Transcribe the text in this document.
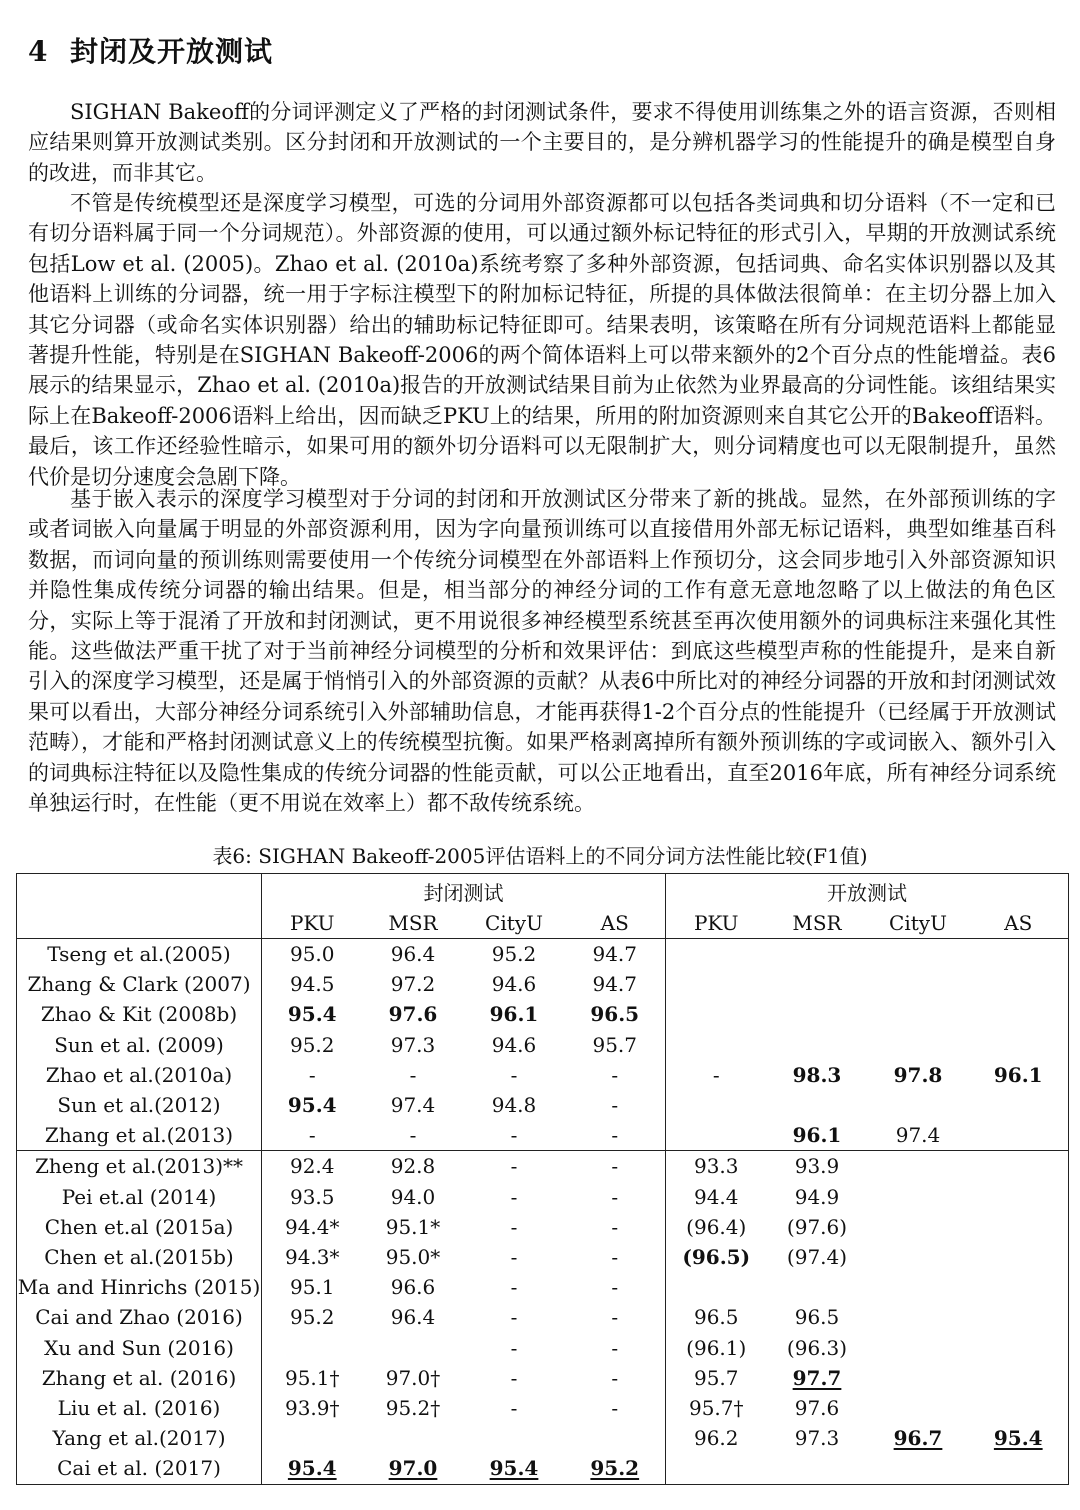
4 封闭及开放测试

SIGHAN Bakeoff的分词评测定义了严格的封闭测试条件，要求不得使用训练集之外的语言资源，否则相应结果则算开放测试类别。区分封闭和开放测试的一个主要目的，是分辨机器学习的性能提升的确是模型自身的改进，而非其它。

不管是传统模型还是深度学习模型，可选的分词用外部资源都可以包括各类词典和切分语料（不一定和已有切分语料属于同一个分词规范）。外部资源的使用，可以通过额外标记特征的形式引入，早期的开放测试系统包括Low et al. (2005)。Zhao et al. (2010a)系统考察了多种外部资源，包括词典、命名实体识别器以及其他语料上训练的分词器，统一用于字标注模型下的附加标记特征，所提的具体做法很简单：在主切分器上加入其它分词器（或命名实体识别器）给出的辅助标记特征即可。结果表明，该策略在所有分词规范语料上都能显著提升性能，特别是在SIGHAN Bakeoff-2006的两个简体语料上可以带来额外的2个百分点的性能增益。表6展示的结果显示，Zhao et al. (2010a)报告的开放测试结果目前为止依然为业界最高的分词性能。该组结果实际上在Bakeoff-2006语料上给出，因而缺乏PKU上的结果，所用的附加资源则来自其它公开的Bakeoff语料。最后，该工作还经验性暗示，如果可用的额外切分语料可以无限制扩大，则分词精度也可以无限制提升，虽然代价是切分速度会急剧下降。

基于嵌入表示的深度学习模型对于分词的封闭和开放测试区分带来了新的挑战。显然，在外部预训练的字或者词嵌入向量属于明显的外部资源利用，因为字向量预训练可以直接借用外部无标记语料，典型如维基百科数据，而词向量的预训练则需要使用一个传统分词模型在外部语料上作预切分，这会同步地引入外部资源知识并隐性集成传统分词器的输出结果。但是，相当部分的神经分词的工作有意无意地忽略了以上做法的角色区分，实际上等于混淆了开放和封闭测试，更不用说很多神经模型系统甚至再次使用额外的词典标注来强化其性能。这些做法严重干扰了对于当前神经分词模型的分析和效果评估：到底这些模型声称的性能提升，是来自新引入的深度学习模型，还是属于悄悄引入的外部资源的贡献？从表6中所比对的神经分词器的开放和封闭测试效果可以看出，大部分神经分词系统引入外部辅助信息，才能再获得1-2个百分点的性能提升（已经属于开放测试范畴），才能和严格封闭测试意义上的传统模型抗衡。如果严格剥离掉所有额外预训练的字或词嵌入、额外引入的词典标注特征以及隐性集成的传统分词器的性能贡献，可以公正地看出，直至2016年底，所有神经分词系统单独运行时，在性能（更不用说在效率上）都不敌传统系统。

表6: SIGHAN Bakeoff-2005评估语料上的不同分词方法性能比较(F1值)
	封闭测试				开放测试			
	PKU	MSR	CityU	AS	PKU	MSR	CityU	AS
Tseng et al.(2005)	95.0	96.4	95.2	94.7				
Zhang & Clark (2007)	94.5	97.2	94.6	94.7				
Zhao & Kit (2008b)	95.4	97.6	96.1	96.5				
Sun et al. (2009)	95.2	97.3	94.6	95.7				
Zhao et al.(2010a)	-	-	-	-	-	98.3	97.8	96.1
Sun et al.(2012)	95.4	97.4	94.8	-				
Zhang et al.(2013)	-	-	-	-		96.1	97.4	
Zheng et al.(2013)**	92.4	92.8	-	-	93.3	93.9		
Pei et.al (2014)	93.5	94.0	-	-	94.4	94.9		
Chen et.al (2015a)	94.4*	95.1*	-	-	(96.4)	(97.6)		
Chen et al.(2015b)	94.3*	95.0*	-	-	(96.5)	(97.4)		
Ma and Hinrichs (2015)	95.1	96.6	-	-				
Cai and Zhao (2016)	95.2	96.4	-	-	96.5	96.5		
Xu and Sun (2016)			-	-	(96.1)	(96.3)		
Zhang et al. (2016)	95.1†	97.0†	-	-	95.7	97.7		
Liu et al. (2016)	93.9†	95.2†	-	-	95.7†	97.6		
Yang et al.(2017)					96.2	97.3	96.7	95.4
Cai et al. (2017)	95.4	97.0	95.4	95.2				
